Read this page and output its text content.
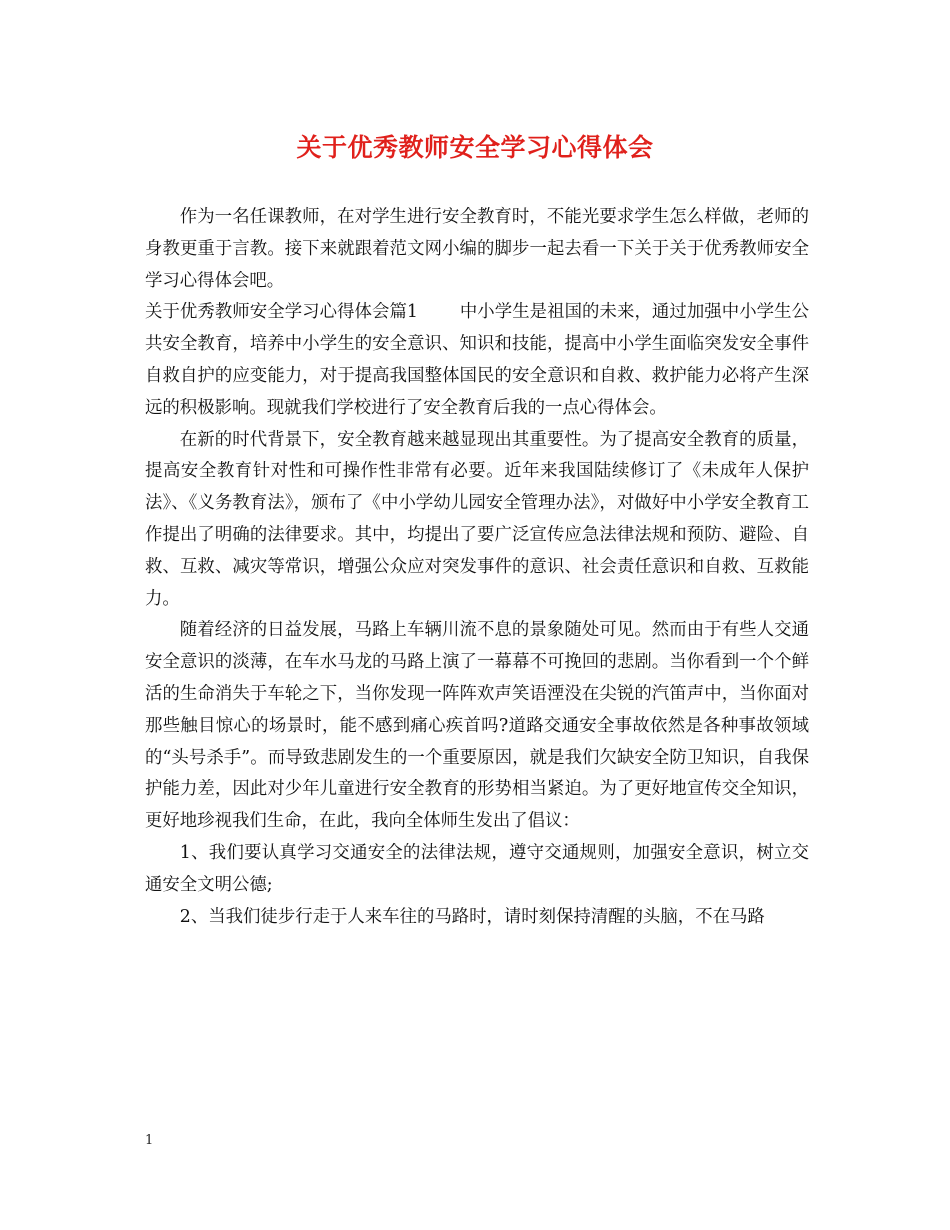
关于优秀教师安全学习心得体会

作为一名任课教师，在对学生进行安全教育时，不能光要求学生怎么样做，老师的身教更重于言教。接下来就跟着范文网小编的脚步一起去看一下关于关于优秀教师安全学习心得体会吧。

关于优秀教师安全学习心得体会篇1 中小学生是祖国的未来，通过加强中小学生公共安全教育，培养中小学生的安全意识、知识和技能，提高中小学生面临突发安全事件自救自护的应变能力，对于提高我国整体国民的安全意识和自救、救护能力必将产生深远的积极影响。现就我们学校进行了安全教育后我的一点心得体会。

在新的时代背景下，安全教育越来越显现出其重要性。为了提高安全教育的质量，提高安全教育针对性和可操作性非常有必要。近年来我国陆续修订了《未成年人保护法》、《义务教育法》，颁布了《中小学幼儿园安全管理办法》，对做好中小学安全教育工作提出了明确的法律要求。其中，均提出了要广泛宣传应急法律法规和预防、避险、自救、互救、减灾等常识，增强公众应对突发事件的意识、社会责任意识和自救、互救能力。

随着经济的日益发展，马路上车辆川流不息的景象随处可见。然而由于有些人交通安全意识的淡薄，在车水马龙的马路上演了一幕幕不可挽回的悲剧。当你看到一个个鲜活的生命消失于车轮之下，当你发现一阵阵欢声笑语湮没在尖锐的汽笛声中，当你面对那些触目惊心的场景时，能不感到痛心疾首吗?道路交通安全事故依然是各种事故领域的“头号杀手”。而导致悲剧发生的一个重要原因，就是我们欠缺安全防卫知识，自我保护能力差，因此对少年儿童进行安全教育的形势相当紧迫。为了更好地宣传交全知识，更好地珍视我们生命，在此，我向全体师生发出了倡议：

1、我们要认真学习交通安全的法律法规，遵守交通规则，加强安全意识，树立交通安全文明公德;

2、当我们徒步行走于人来车往的马路时，请时刻保持清醒的头脑，不在马路

1
